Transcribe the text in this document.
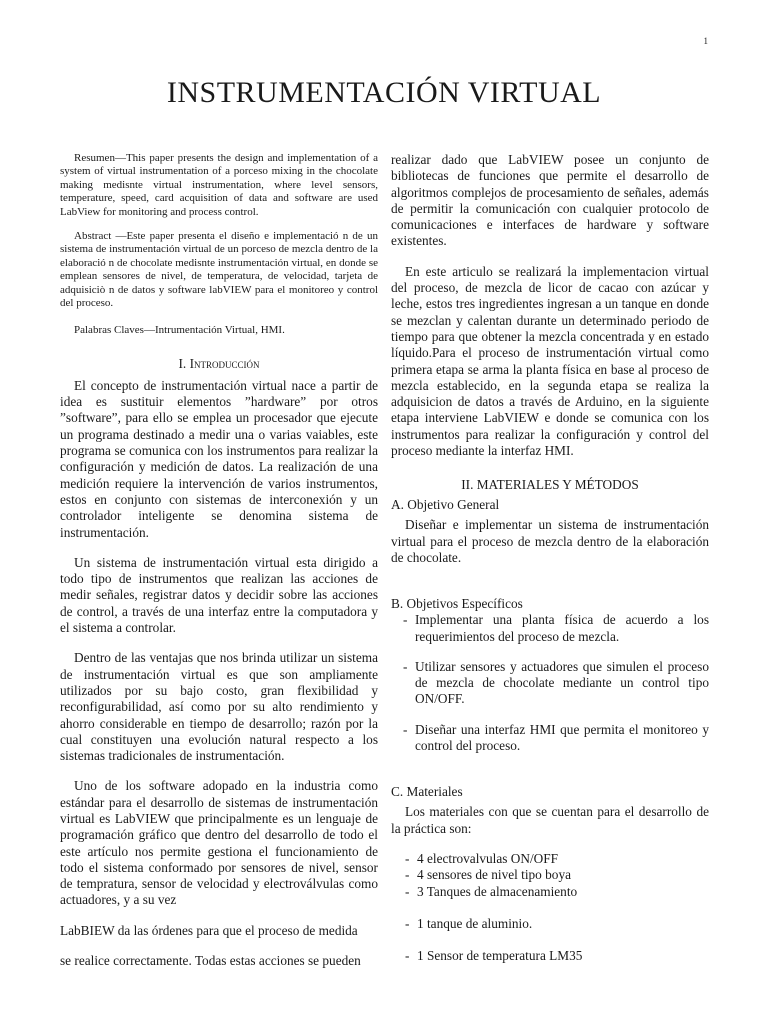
1
INSTRUMENTACIÓN VIRTUAL

Resumen—This paper presents the design and implementation of a system of virtual instrumentation of a porceso mixing in the chocolate making medisnte virtual instrumentation, where level sensors, temperature, speed, card acquisition of data and software are used LabView for monitoring and process control.

Abstract —Este paper presenta el diseño e implementació n de un sistema de instrumentación virtual de un porceso de mezcla dentro de la elaboració n de chocolate medisnte instrumentación virtual, en donde se emplean sensores de nivel, de temperatura, de velocidad, tarjeta de adquisiciò n de datos y software labVIEW para el monitoreo y control del proceso.

Palabras Claves—Intrumentación Virtual, HMI.

I. Introducción

El concepto de instrumentación virtual nace a partir de idea es sustituir elementos ”hardware” por otros ”software”, para ello se emplea un procesador que ejecute un programa destinado a medir una o varias vaiables, este programa se comunica con los instrumentos para realizar la configuración y medición de datos. La realización de una medición requiere la intervención de varios instrumentos, estos en conjunto con sistemas de interconexión y un controlador inteligente se denomina sistema de instrumentación.

Un sistema de instrumentación virtual esta dirigido a todo tipo de instrumentos que realizan las acciones de medir señales, registrar datos y decidir sobre las acciones de control, a través de una interfaz entre la computadora y el sistema a controlar.

Dentro de las ventajas que nos brinda utilizar un sistema de instrumentación virtual es que son ampliamente utilizados por su bajo costo, gran flexibilidad y reconfigurabilidad, así como por su alto rendimiento y ahorro considerable en tiempo de desarrollo; razón por la cual constituyen una evolución natural respecto a los sistemas tradicionales de instrumentación.

Uno de los software adopado en la industria como estándar para el desarrollo de sistemas de instrumentación virtual es LabVIEW que principalmente es un lenguaje de programación gráfico que dentro del desarrollo de todo el este artículo nos permite gestiona el funcionamiento de todo el sistema conformado por sensores de nivel, sensor de tempratura, sensor de velocidad y electroválvulas como actuadores, y a su vez

LabBIEW da las órdenes para que el proceso de medida

se realice correctamente. Todas estas acciones se pueden

realizar dado que LabVIEW posee un conjunto de bibliotecas de funciones que permite el desarrollo de algoritmos complejos de procesamiento de señales, además de permitir la comunicación con cualquier protocolo de comunicaciones e interfaces de hardware y software existentes.

En este articulo se realizará la implementacion virtual del proceso, de mezcla de licor de cacao con azúcar y leche, estos tres ingredientes ingresan a un tanque en donde se mezclan y calentan durante un determinado periodo de tiempo para que obtener la mezcla concentrada y en estado líquido.Para el proceso de instrumentación virtual como primera etapa se arma la planta física en base al proceso de mezcla establecido, en la segunda etapa se realiza la adquisicion de datos a través de Arduino, en la siguiente etapa interviene LabVIEW e donde se comunica con los instrumentos para realizar la configuración y control del proceso mediante la interfaz HMI.

II. MATERIALES Y MÉTODOS
A. Objetivo General

Diseñar e implementar un sistema de instrumentación virtual para el proceso de mezcla dentro de la elaboración de chocolate.

B. Objetivos Específicos
- Implementar una planta física de acuerdo a los requerimientos del proceso de mezcla.
- Utilizar sensores y actuadores que simulen el proceso de mezcla de chocolate mediante un control tipo ON/OFF.
- Diseñar una interfaz HMI que permita el monitoreo y control del proceso.
C. Materiales

Los materiales con que se cuentan para el desarrollo de la práctica son:

- 4 electrovalvulas ON/OFF
- 4 sensores de nivel tipo boya
- 3 Tanques de almacenamiento
- 1 tanque de aluminio.
- 1 Sensor de temperatura LM35
